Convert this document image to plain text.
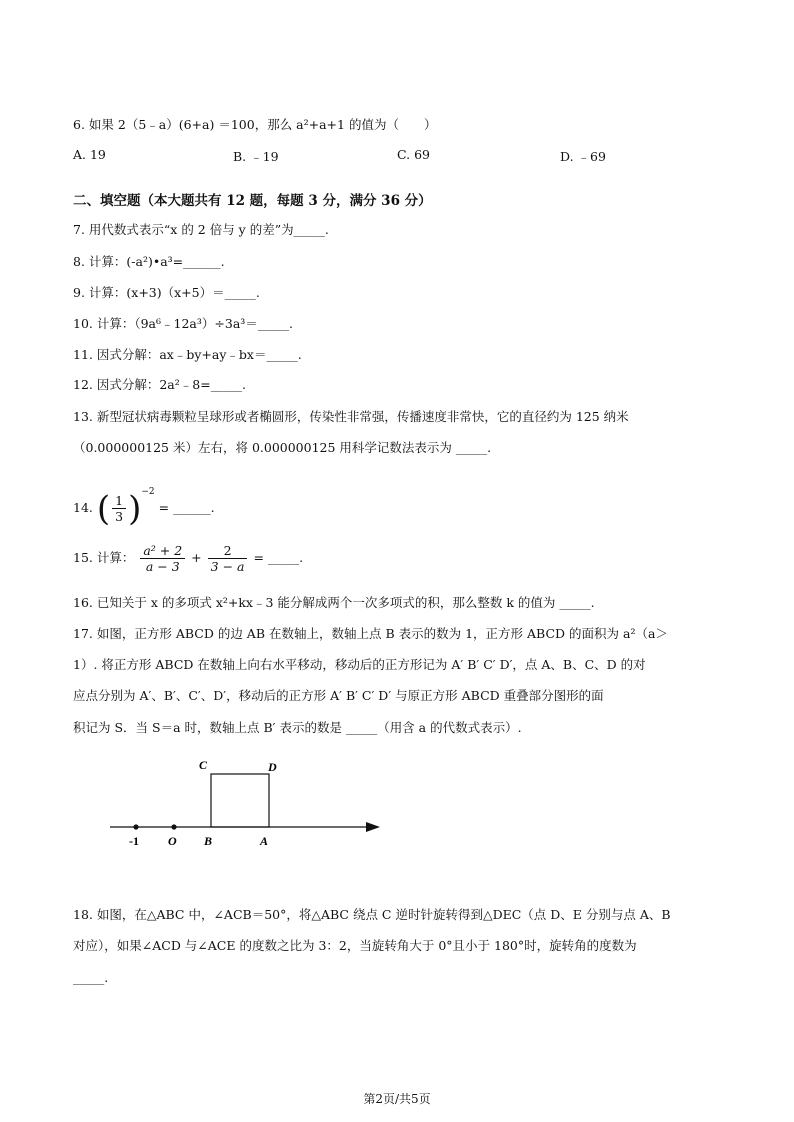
6. 如果 2（5﹣a）(6+a) ＝100，那么 a²+a+1 的值为（　　）
A. 19	B. ﹣19	C. 69	D. ﹣69
二、填空题（本大题共有 12 题，每题 3 分，满分 36 分）
7. 用代数式表示“x 的 2 倍与 y 的差”为_____.
8. 计算：(-a²)•a³=______.
9. 计算：(x+3)（x+5）＝_____.
10. 计算：（9a⁶﹣12a³）÷3a³＝_____.
11. 因式分解：ax﹣by+ay﹣bx＝_____.
12. 因式分解：2a²﹣8=_____.
13. 新型冠状病毒颗粒呈球形或者椭圆形，传染性非常强，传播速度非常快，它的直径约为 125 纳米
（0.000000125 米）左右，将 0.000000125 用科学记数法表示为 _____.
14. ( $\frac{1}{3} )^{-2}$ = ______.
15. 计算： $\frac{\text{a² + 2}}{a - 3} + \frac{2}{3 - a}$ = _____.
16. 已知关于 x 的多项式 x²+kx﹣3 能分解成两个一次多项式的积，那么整数 k 的值为 _____.
17. 如图，正方形 ABCD 的边 AB 在数轴上，数轴上点 B 表示的数为 1，正方形 ABCD 的面积为 a²（a＞
1）. 将正方形 ABCD 在数轴上向右水平移动，移动后的正方形记为 A′ B′ C′ D′，点 A、B、C、D 的对
应点分别为 A′、B′、C′、D′，移动后的正方形 A′ B′ C′ D′ 与原正方形 ABCD 重叠部分图形的面
积记为 S．当 S＝a 时，数轴上点 B′ 表示的数是 _____（用含 a 的代数式表示）.
C	D
-1 O B	A
18. 如图，在△ABC 中，∠ACB＝50°，将△ABC 绕点 C 逆时针旋转得到△DEC（点 D、E 分别与点 A、B
对应），如果∠ACD 与∠ACE 的度数之比为 3：2，当旋转角大于 0°且小于 180°时，旋转角的度数为
_____.
第2页/共5页
